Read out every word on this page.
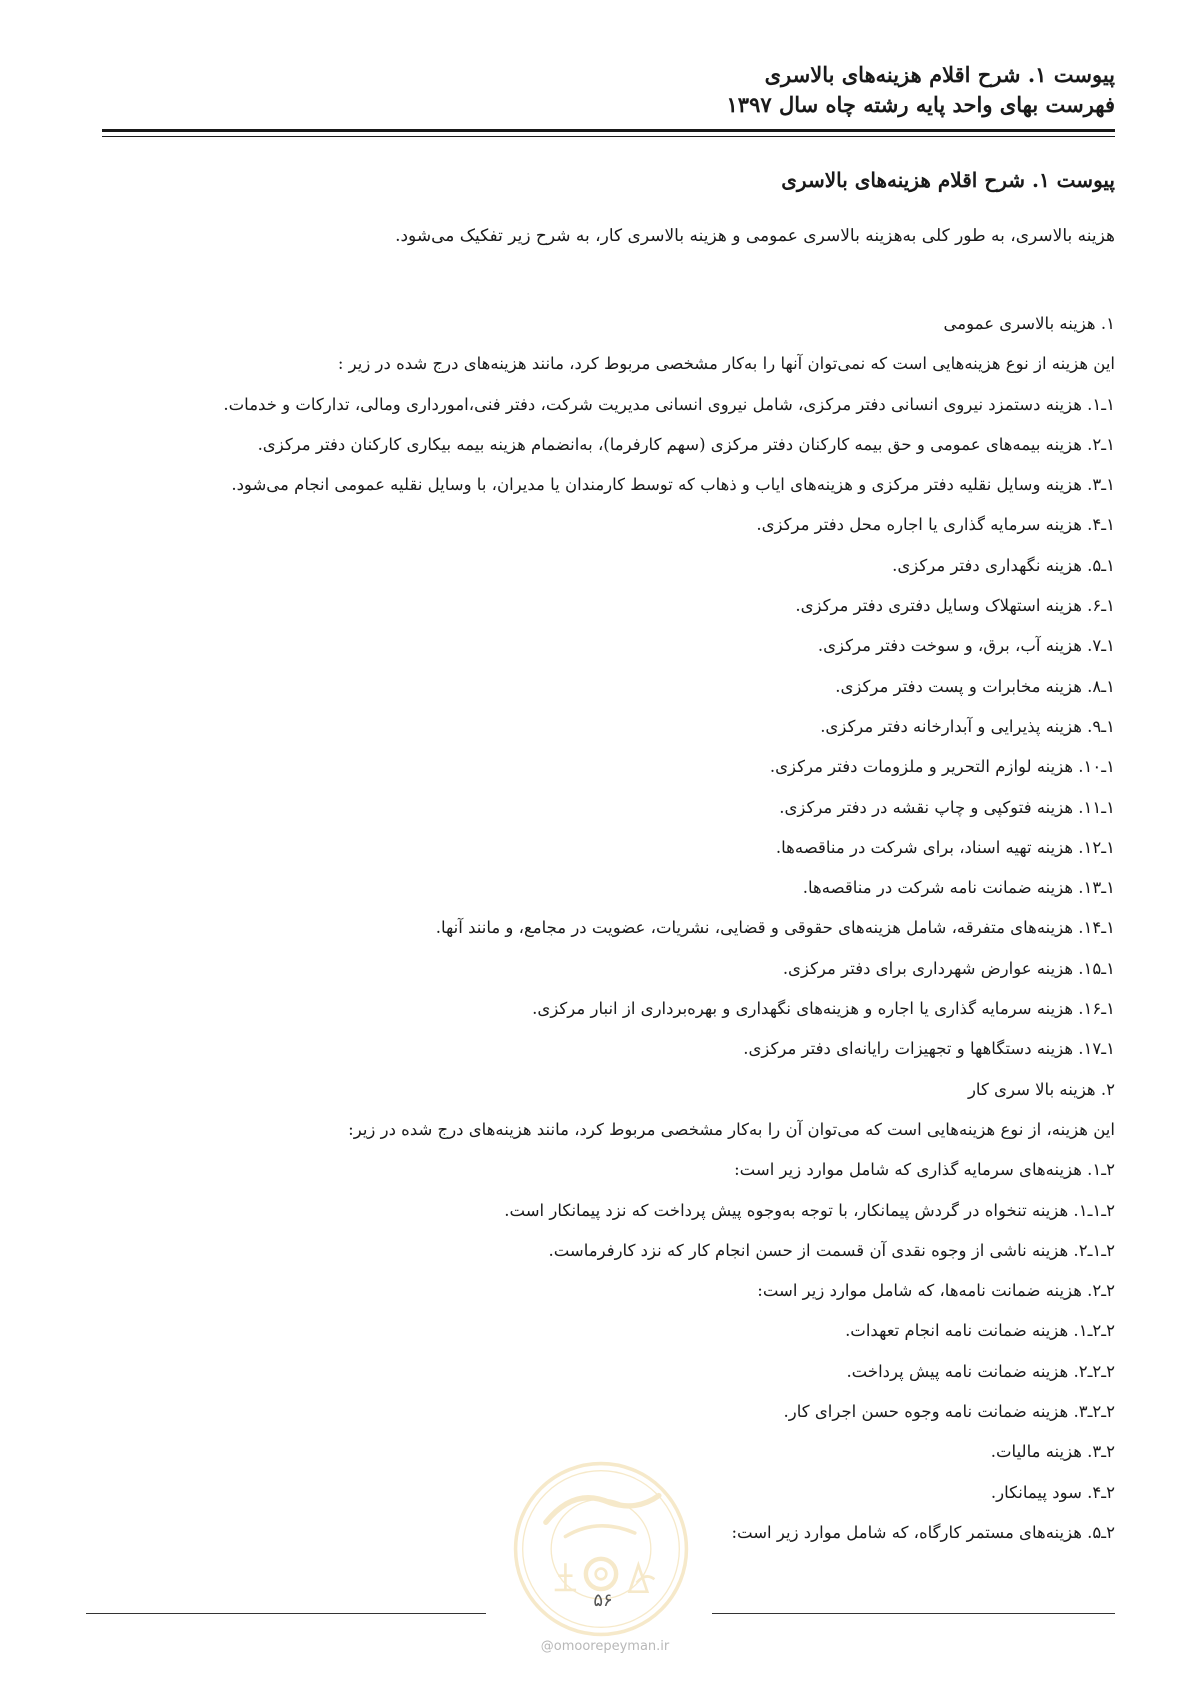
پیوست ۱. شرح اقلام هزینه‌های بالاسری
فهرست بهای واحد پایه رشته چاه سال ۱۳۹۷
پیوست ۱. شرح اقلام هزینه‌های بالاسری
هزینه بالاسری، به طور کلی به‌هزینه بالاسری عمومی و هزینه بالاسری کار، به شرح زیر تفکیک می‌شود.
۱. هزینه بالاسری عمومی
این هزینه از نوع هزینه‌هایی است که نمی‌توان آنها را به‌کار مشخصی مربوط کرد، مانند هزینه‌های درج شده در زیر :
۱ـ۱. هزینه دستمزد نیروی انسانی دفتر مرکزی، شامل نیروی انسانی مدیریت شرکت، دفتر فنی،امورداری ومالی، تدارکات و خدمات.
۱ـ۲. هزینه بیمه‌های عمومی و حق بیمه کارکنان دفتر مرکزی (سهم کارفرما)، به‌انضمام هزینه بیمه بیکاری کارکنان دفتر مرکزی.
۱ـ۳. هزینه وسایل نقلیه دفتر مرکزی و هزینه‌های ایاب و ذهاب که توسط کارمندان یا مدیران، با وسایل نقلیه عمومی انجام می‌شود.
۱ـ۴. هزینه سرمایه گذاری یا اجاره محل دفتر مرکزی.
۱ـ۵. هزینه نگهداری دفتر مرکزی.
۱ـ۶. هزینه استهلاک وسایل دفتری دفتر مرکزی.
۱ـ۷. هزینه آب، برق، و سوخت دفتر مرکزی.
۱ـ۸. هزینه مخابرات و پست دفتر مرکزی.
۱ـ۹. هزینه پذیرایی و آبدارخانه دفتر مرکزی.
۱ـ۱۰. هزینه لوازم التحریر و ملزومات دفتر مرکزی.
۱ـ۱۱. هزینه فتوکپی و چاپ نقشه در دفتر مرکزی.
۱ـ۱۲. هزینه تهیه اسناد، برای شرکت در مناقصه‌ها.
۱ـ۱۳. هزینه ضمانت نامه شرکت در مناقصه‌ها.
۱ـ۱۴. هزینه‌های متفرقه، شامل هزینه‌های حقوقی و قضایی، نشریات، عضویت در مجامع، و مانند آنها.
۱ـ۱۵. هزینه عوارض شهرداری برای دفتر مرکزی.
۱ـ۱۶. هزینه سرمایه گذاری یا اجاره و هزینه‌های نگهداری و بهره‌برداری از انبار مرکزی.
۱ـ۱۷. هزینه دستگاهها و تجهیزات رایانه‌ای دفتر مرکزی.
۲. هزینه بالا سری کار
این هزینه، از نوع هزینه‌هایی است که می‌توان آن را به‌کار مشخصی مربوط کرد، مانند هزینه‌های درج شده در زیر:
۲ـ۱. هزینه‌های سرمایه گذاری که شامل موارد زیر است:
۲ـ۱ـ۱. هزینه تنخواه در گردش پیمانکار، با توجه به‌وجوه پیش پرداخت که نزد پیمانکار است.
۲ـ۱ـ۲. هزینه ناشی از وجوه نقدی آن قسمت از حسن انجام کار که نزد کارفرماست.
۲ـ۲. هزینه ضمانت نامه‌ها، که شامل موارد زیر است:
۲ـ۲ـ۱. هزینه ضمانت نامه انجام تعهدات.
۲ـ۲ـ۲. هزینه ضمانت نامه پیش پرداخت.
۲ـ۲ـ۳. هزینه ضمانت نامه وجوه حسن اجرای کار.
۲ـ۳. هزینه مالیات.
۲ـ۴. سود پیمانکار.
۲ـ۵. هزینه‌های مستمر کارگاه، که شامل موارد زیر است:
۵۶
@omoorepeyman.ir
